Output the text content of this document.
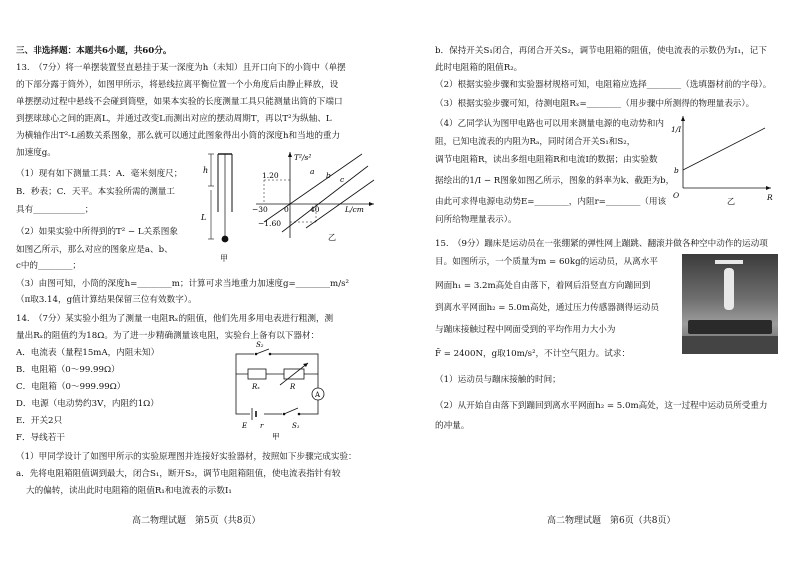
三、非选择题：本题共6小题，共60分。
13.　（7分）将一单摆装置竖直悬挂于某一深度为h（未知）且开口向下的小筒中（单摆
的下部分露于筒外），如图甲所示，将悬线拉离平衡位置一个小角度后由静止释放，设
单摆摆动过程中悬线不会碰到筒壁，如果本实验的长度测量工具只能测量出筒的下端口
到摆球球心之间的距离L，并通过改变L而测出对应的摆动周期T，再以T²为纵轴、L
为横轴作出T²-L函数关系图象，那么就可以通过此图象得出小筒的深度h和当地的重力
加速度g。
（1）现有如下测量工具：A．毫米刻度尺；
B．秒表；C．天平。本实验所需的测量工
具有____________；
（2）如果实验中所得到的T² − L关系图象
如图乙所示，那么对应的图象应是a、b、
c中的________；
（3）由图可知，小筒的深度h=________m；计算可求当地重力加速度g=________m/s²
（π取3.14，g值计算结果保留三位有效数字）。
h
L
甲
T²/s²
L/cm
1.20
−1.60
−30 0	40
a b c
乙
14.　（7分）某实验小组为了测量一电阻Rₓ的阻值，他们先用多用电表进行粗测，测
量出Rₓ的阻值约为18Ω。为了进一步精确测量该电阻，实验台上备有以下器材：
A．电流表（量程15mA，内阻未知）
B．电阻箱（0～99.99Ω）
C．电阻箱（0～999.99Ω）
D．电源（电动势约3V，内阻约1Ω）
E．开关2只
F．导线若干
（1）甲同学设计了如图甲所示的实验原理图并连接好实验器材，按照如下步骤完成实验：
a．先将电阻箱阻值调到最大，闭合S₁，断开S₂，调节电阻箱阻值，使电流表指针有较
大的偏转，读出此时电阻箱的阻值R₁和电流表的示数I₁
S₂
Rₓ	R
A
E r	S₁
甲
高二物理试题　第5页（共8页）
b．保持开关S₁闭合，再闭合开关S₂，调节电阻箱的阻值，使电流表的示数仍为I₁，记下
此时电阻箱的阻值R₂。
（2）根据实验步骤和实验器材规格可知，电阻箱应选择________（选填器材前的字母）。
（3）根据实验步骤可知，待测电阻Rₓ=________（用步骤中所测得的物理量表示）。
（4）乙同学认为图甲电路也可以用来测量电源的电动势和内
阻，已知电流表的内阻为Rₐ，同时闭合开关S₁和S₂，
调节电阻箱R，读出多组电阻箱R和电流I的数据；由实验数
据绘出的1/I − R图象如图乙所示，图象的斜率为k、截距为b，
由此可求得电源电动势E=________，内阻r=________（用该
问所给物理量表示）。
1/I
R
O
b
乙
15.　（9分）蹦床是运动员在一张绷紧的弹性网上蹦跳、翻滚并做各种空中动作的运动项
目。如图所示，一个质量为m = 60kg的运动员，从离水平
网面h₁ = 3.2m高处自由落下，着网后沿竖直方向蹦回到
到离水平网面h₂ = 5.0m高处，通过压力传感器测得运动员
与蹦床接触过程中网面受到的平均作用力大小为
F̄ = 2400N，g取10m/s²，不计空气阻力。试求：
（1）运动员与蹦床接触的时间；
（2）从开始自由落下到蹦回到离水平网面h₂ = 5.0m高处，这一过程中运动员所受重力
的冲量。
高二物理试题　第6页（共8页）
